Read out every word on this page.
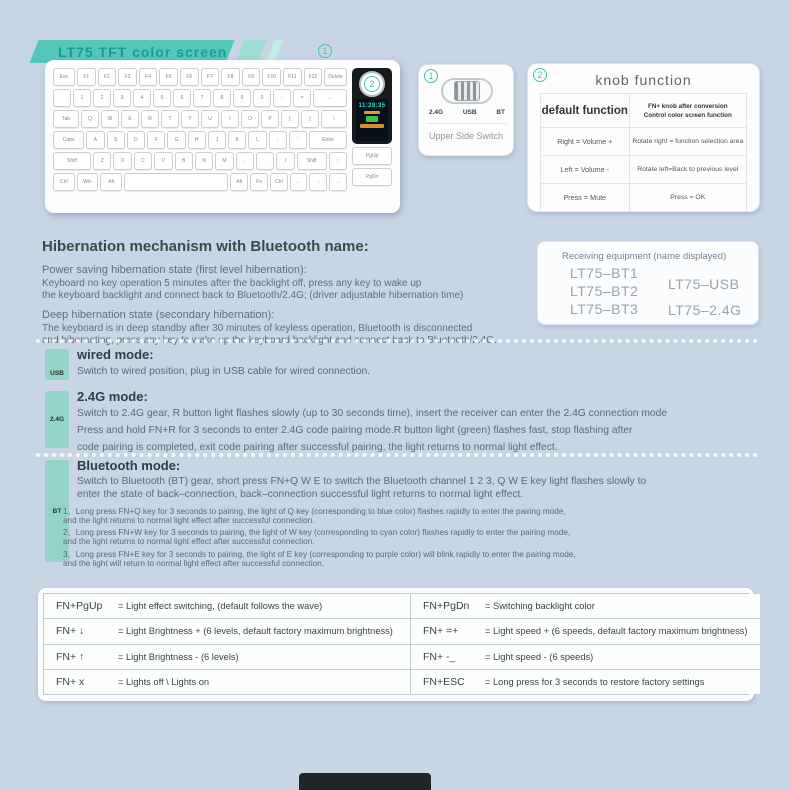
LT75 TFT color screen	1
Esc	F1	F2	F3	F4	F5	F6	F7	F8	F9	F10	F11	F12	Delete
`	1	2	3	4	5	6	7	8	9	0	-	=	←
Tab	Q	W	E	R	T	Y	U	I	O	P	[	]	\
Caps	A	S	D	F	G	H	J	K	L	;	'	Enter
Shift	Z	X	C	V	B	N	M	,	.	/	Shift	↑
Ctrl	Win	Alt	Alt	Fn	Ctrl	←	↓	→
2
11:28:35
PgUp
PgDn
1
2.4G	USB	BT
Upper Side Switch
2	knob function
default function	FN+ knob after conversion
Control color screen function
Right = Volume +	Rotate right = function selection area
Left = Volume -	Rotate left=Back to previous level
Press = Mute	Press = OK
Hibernation mechanism with Bluetooth name:
Power saving hibernation state (first level hibernation):
Keyboard no key operation 5 minutes after the backlight off, press any key to wake up
the keyboard backlight and connect back to Bluetooth/2.4G; (driver adjustable hibernation time)
Deep hibernation state (secondary hibernation):
The keyboard is in deep standby after 30 minutes of keyless operation, Bluetooth is disconnected
and hibernating, press any key to wake up the keyboard backlight and connect back to Bluetooth/2.4G.
Receiving equipment (name displayed)
LT75–BT1
LT75–BT2
LT75–BT3
LT75–USB
LT75–2.4G
USB
wired mode:
Switch to wired position, plug in USB cable for wired connection.
2.4G
2.4G mode:
Switch to 2.4G gear, R button light flashes slowly (up to 30 seconds time), insert the receiver can enter the 2.4G connection mode
Press and hold FN+R for 3 seconds to enter 2.4G code pairing mode.R button light (green) flashes fast, stop flashing after
code pairing is completed, exit code pairing after successful pairing, the light returns to normal light effect.
BT
Bluetooth mode:
Switch to Bluetooth (BT) gear, short press FN+Q W E to switch the Bluetooth channel 1 2 3, Q W E key light flashes slowly to
enter the state of back–connection, back–connection successful light returns to normal light effect.
1、Long press FN+Q key for 3 seconds to pairing, the light of Q key (corresponding to blue color) flashes rapidly to enter the pairing mode,
and the light returns to normal light effect after successful connection.
2、Long press FN+W key for 3 seconds to pairing, the light of W key (corresponding to cyan color) flashes rapidly to enter the pairing mode,
and the light returns to normal light effect after successful connection.
3、Long press FN+E key for 3 seconds to pairing, the light of E key (corresponding to purple color) will blink rapidly to enter the pairing mode,
and the light will return to normal light effect after successful connection.
FN+PgUp	= Light effect switching, (default follows the wave)	FN+PgDn	= Switching backlight color
FN+ ↓	= Light Brightness + (6 levels, default factory maximum brightness)	FN+ =+	= Light speed + (6 speeds, default factory maximum brightness)
FN+ ↑	= Light Brightness - (6 levels)	FN+ -_	= Light speed - (6 speeds)
FN+ x	= Lights off \ Lights on	FN+ESC	= Long press for 3 seconds to restore factory settings
